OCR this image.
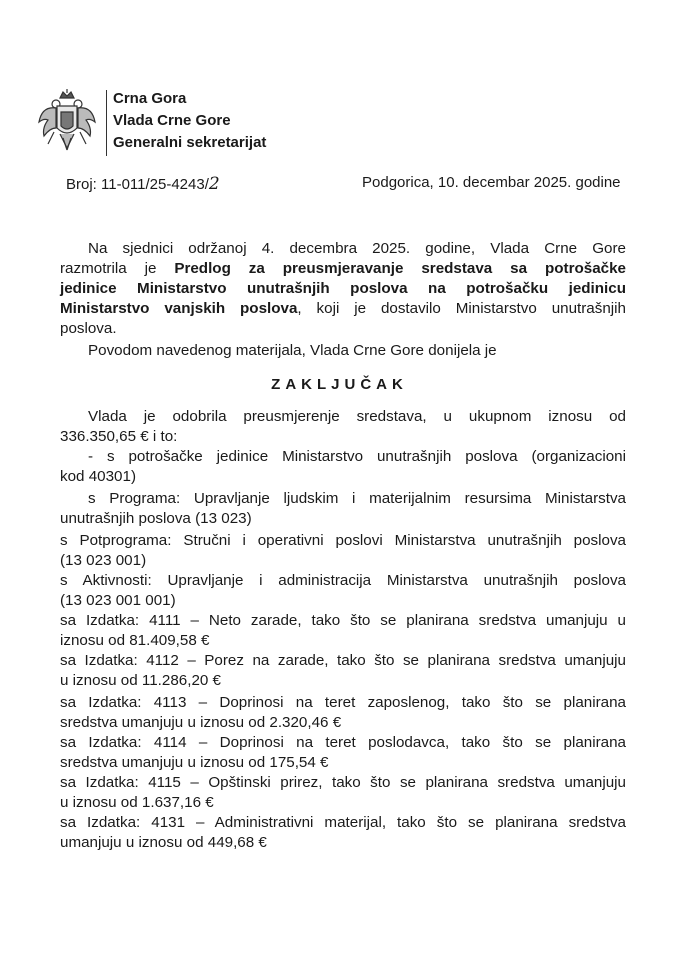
Crna Gora
Vlada Crne Gore
Generalni sekretarijat
Broj: 11-011/25-4243/2	Podgorica, 10. decembar 2025. godine
Na sjednici održanoj 4. decembra 2025. godine, Vlada Crne Gore
razmotrila je Predlog za preusmjeravanje sredstava sa potrošačke
jedinice Ministarstvo unutrašnjih poslova na potrošačku jedinicu
Ministarstvo vanjskih poslova, koji je dostavilo Ministarstvo unutrašnjih
poslova.
Povodom navedenog materijala, Vlada Crne Gore donijela je
ZAKLJUČAK
Vlada je odobrila preusmjerenje sredstava, u ukupnom iznosu od
336.350,65 € i to:
- s potrošačke jedinice Ministarstvo unutrašnjih poslova (organizacioni
kod 40301)
s Programa: Upravljanje ljudskim i materijalnim resursima Ministarstva
unutrašnjih poslova (13 023)
s Potprograma: Stručni i operativni poslovi Ministarstva unutrašnjih poslova
(13 023 001)
s Aktivnosti: Upravljanje i administracija Ministarstva unutrašnjih poslova
(13 023 001 001)
sa Izdatka: 4111 – Neto zarade, tako što se planirana sredstva umanjuju u
iznosu od 81.409,58 €
sa Izdatka: 4112 – Porez na zarade, tako što se planirana sredstva umanjuju
u iznosu od 11.286,20 €
sa Izdatka: 4113 – Doprinosi na teret zaposlenog, tako što se planirana
sredstva umanjuju u iznosu od 2.320,46 €
sa Izdatka: 4114 – Doprinosi na teret poslodavca, tako što se planirana
sredstva umanjuju u iznosu od 175,54 €
sa Izdatka: 4115 – Opštinski prirez, tako što se planirana sredstva umanjuju
u iznosu od 1.637,16 €
sa Izdatka: 4131 – Administrativni materijal, tako što se planirana sredstva
umanjuju u iznosu od 449,68 €
